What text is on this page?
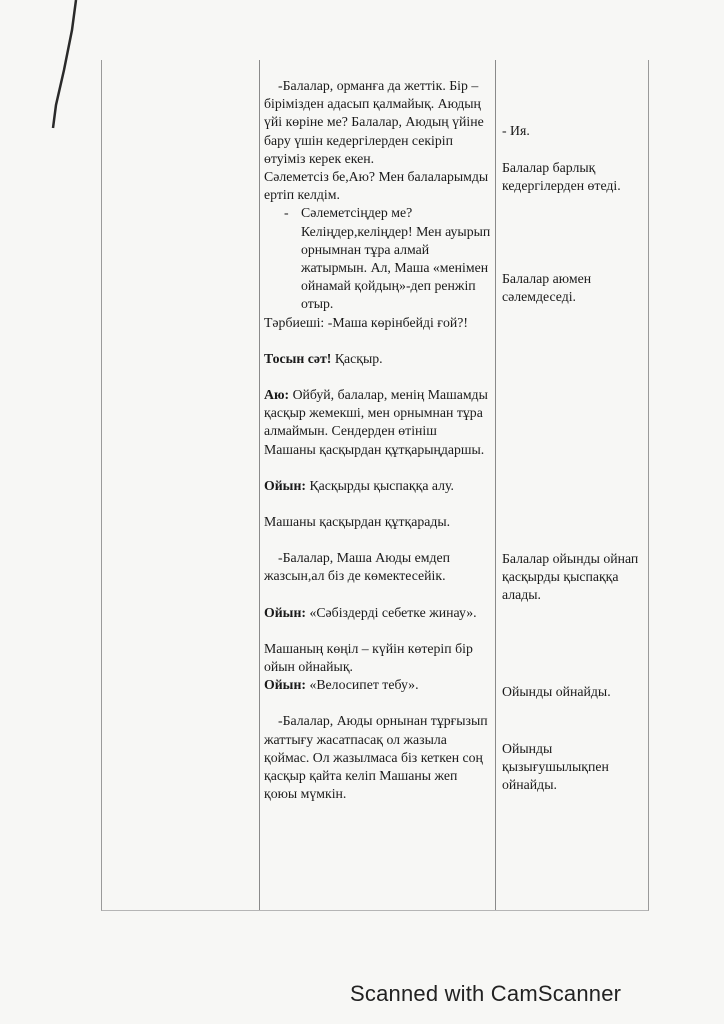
-Балалар, орманға да жеттік. Бір – бірімізден адасып қалмайық. Аюдың үйі көріне ме? Балалар, Аюдың үйіне бару үшін кедергілерден секіріп өтуіміз керек екен.

Сәлеметсіз бе,Аю? Мен балаларымды ертіп келдім.

- Сәлеметсіңдер ме? Келіңдер,келіңдер! Мен ауырып орнымнан тұра алмай жатырмын. Ал, Маша «менімен ойнамай қойдың»-деп ренжіп отыр.

Тәрбиеші: -Маша көрінбейді ғой?!

Тосын сәт! Қасқыр.

Аю: Ойбуй, балалар, менің Машамды қасқыр жемекші, мен орнымнан тұра алмаймын. Сендерден өтініш Машаны қасқырдан құтқарыңдаршы.

Ойын: Қасқырды қыспаққа алу.

Машаны қасқырдан құтқарады.

-Балалар, Маша Аюды емдеп жазсын,ал біз де көмектесейік.

Ойын: «Сәбіздерді себетке жинау».

Машаның көңіл – күйін көтеріп бір ойын ойнайық.

Ойын: «Велосипет тебу».

-Балалар, Аюды орнынан тұрғызып жаттығу жасатпасақ ол жазыла қоймас. Ол жазылмаса біз кеткен соң қасқыр қайта келіп Машаны жеп қоюы мүмкін.

- Ия.
Балалар барлық кедергілерден өтеді.
Балалар аюмен сәлемдеседі.
Балалар ойынды ойнап қасқырды қыспаққа алады.
Ойынды ойнайды.
Ойынды қызығушылықпен ойнайды.
Scanned with CamScanner
